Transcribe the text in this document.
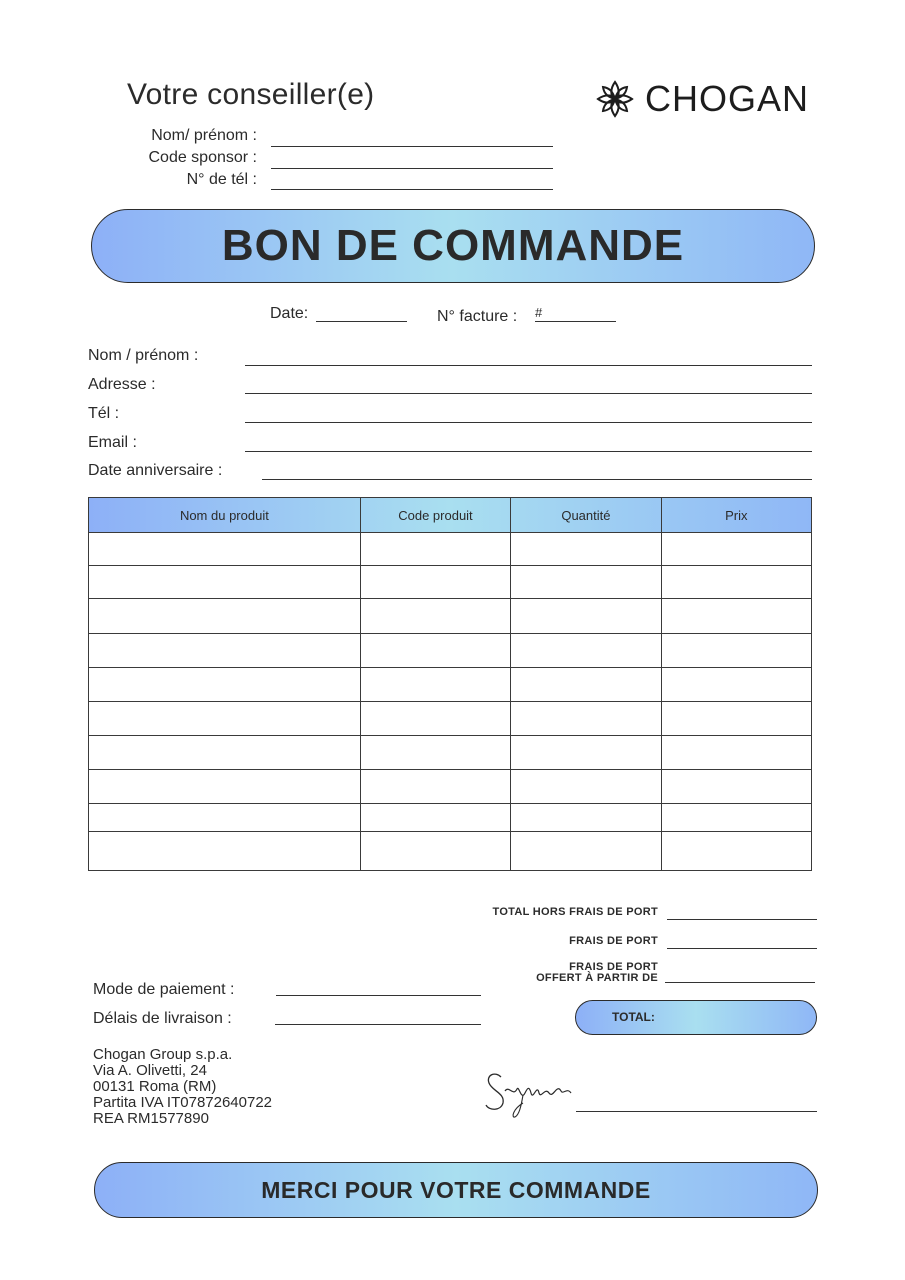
Votre conseiller(e)
Nom/ prénom :
Code sponsor :
N° de tél :
CHOGAN
BON DE COMMANDE
Date:	N° facture : #
Nom / prénom :
Adresse :
Tél :
Email :
Date anniversaire :
Nom du produit	Code produit	Quantité	Prix

TOTAL HORS FRAIS DE PORT
FRAIS DE PORT
FRAIS DE PORT
OFFERT À PARTIR DE
TOTAL:
Mode de paiement :
Délais de livraison :
Chogan Group s.p.a.
Via A. Olivetti, 24
00131 Roma (RM)
Partita IVA IT07872640722
REA RM1577890
MERCI POUR VOTRE COMMANDE
